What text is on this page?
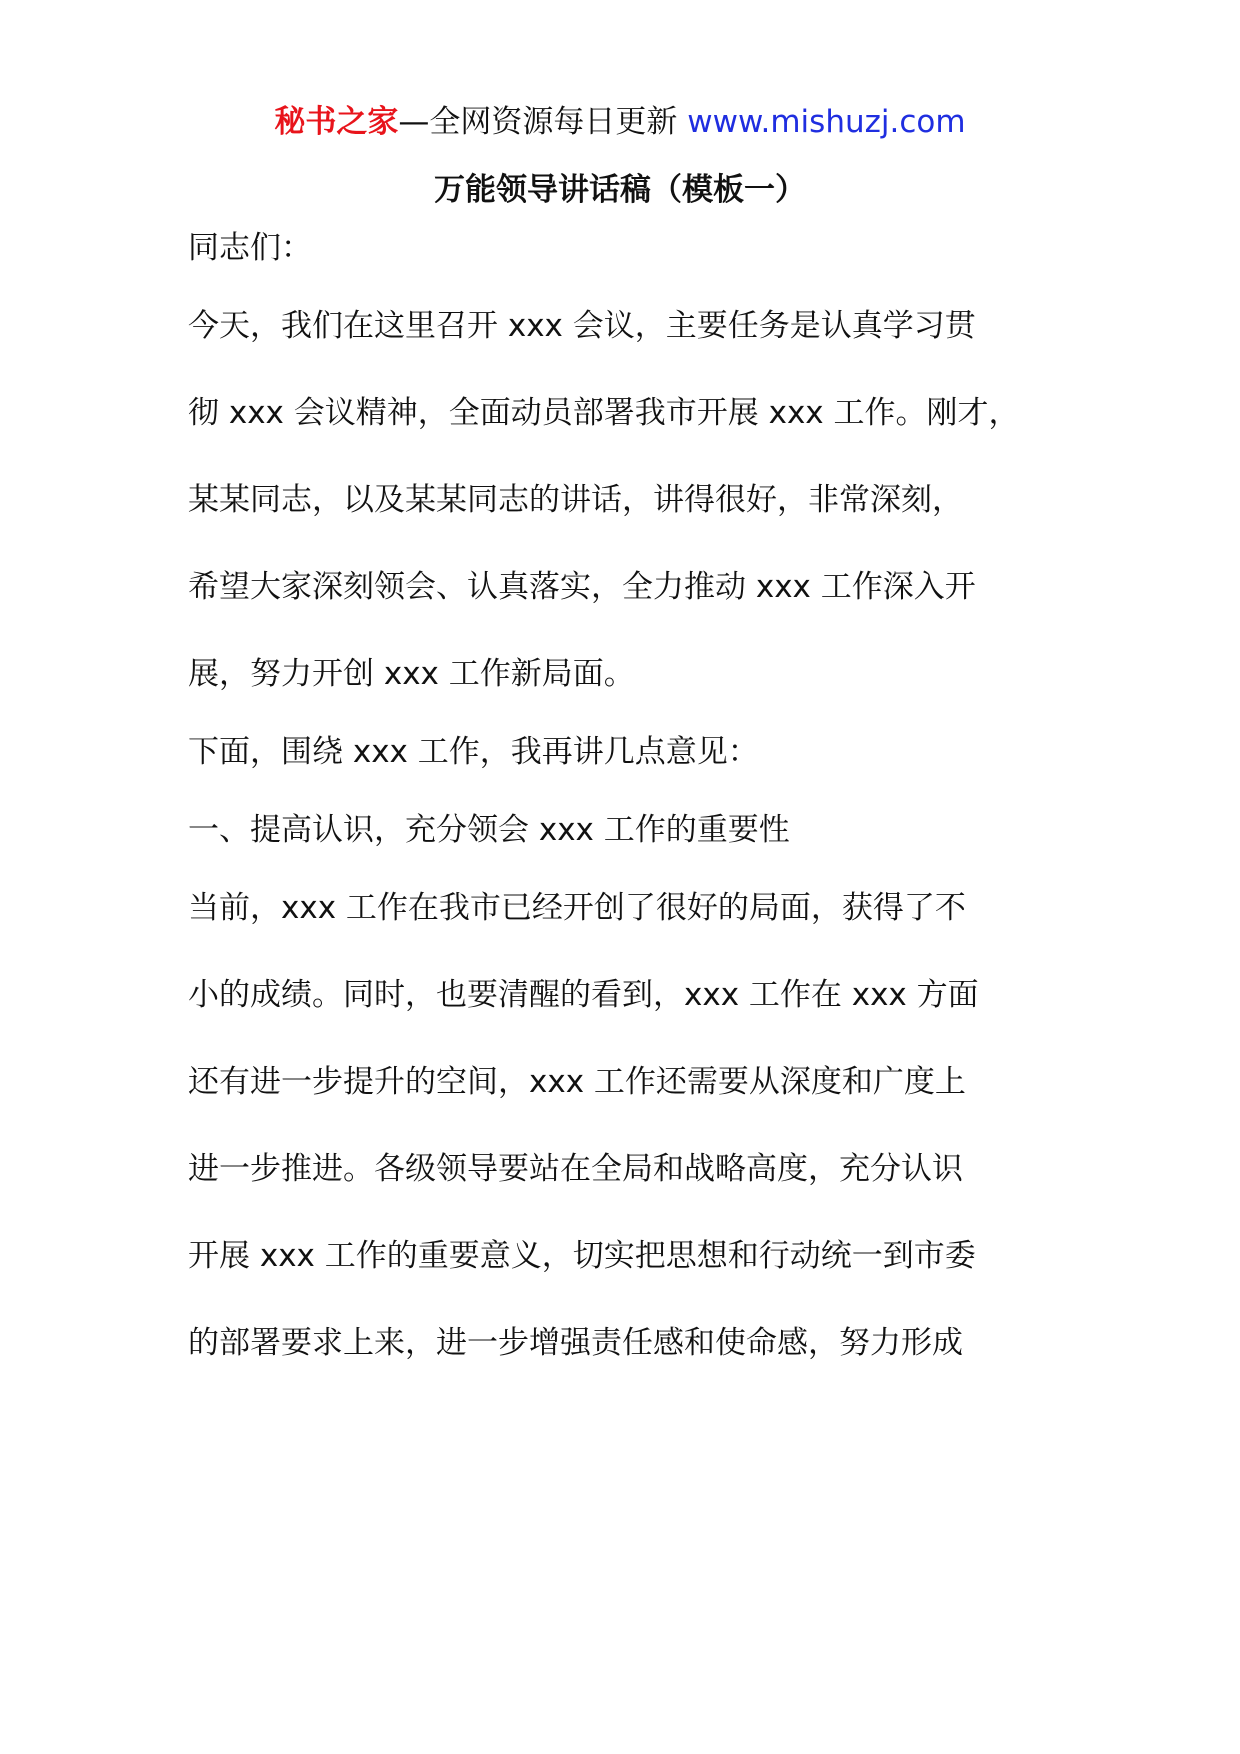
秘书之家—全网资源每日更新 www.mishuzj.com
万能领导讲话稿（模板一）
同志们：
今天，我们在这里召开 xxx 会议，主要任务是认真学习贯
彻 xxx 会议精神，全面动员部署我市开展 xxx 工作。刚才，
某某同志，以及某某同志的讲话，讲得很好，非常深刻，
希望大家深刻领会、认真落实，全力推动 xxx 工作深入开
展，努力开创 xxx 工作新局面。
下面，围绕 xxx 工作，我再讲几点意见：
一、提高认识，充分领会 xxx 工作的重要性
当前，xxx 工作在我市已经开创了很好的局面，获得了不
小的成绩。同时，也要清醒的看到，xxx 工作在 xxx 方面
还有进一步提升的空间，xxx 工作还需要从深度和广度上
进一步推进。各级领导要站在全局和战略高度，充分认识
开展 xxx 工作的重要意义，切实把思想和行动统一到市委
的部署要求上来，进一步增强责任感和使命感，努力形成
